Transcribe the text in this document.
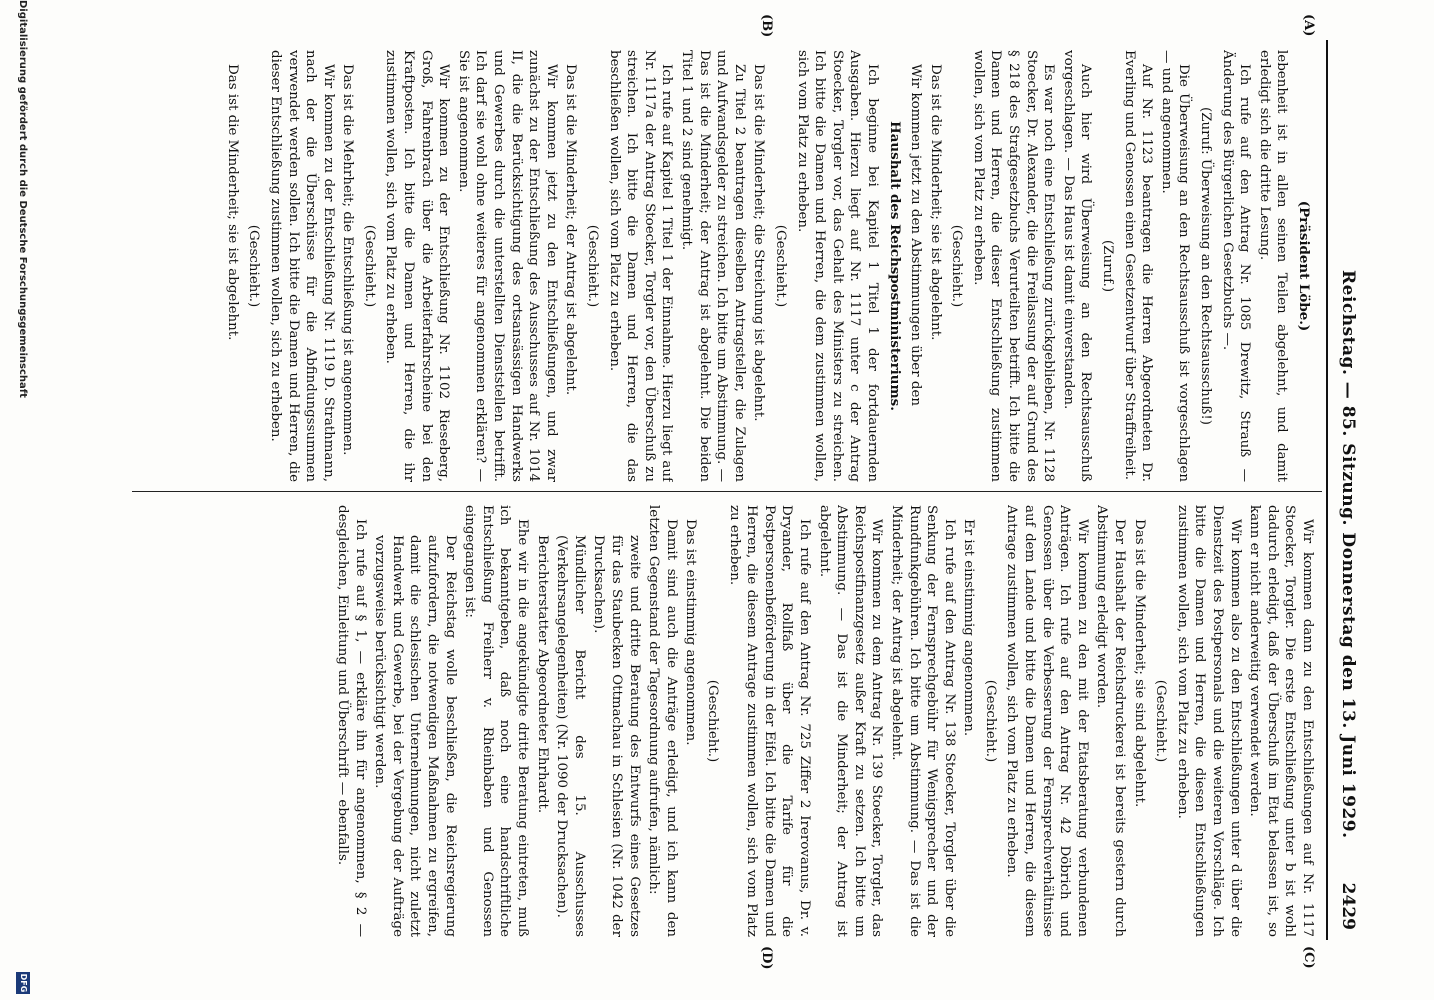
Reichstag. — 85. Sitzung. Donnerstag den 13. Juni 1929.
2429
(A)
(B)
(C)
(D)

(Präsident Löbe.)

lebenheit ist in allen seinen Teilen abgelehnt, und damit erledigt sich die dritte Lesung.

Ich rufe auf den Antrag Nr. 1085 Drewitz, Strauß — Änderung des Bürgerlichen Gesetzbuchs —.

(Zuruf: Überweisung an den Rechtsausschuß!)

Die Überweisung an den Rechtsausschuß ist vorgeschlagen — und angenommen.

Auf Nr. 1123 beantragen die Herren Abgeordneten Dr. Everling und Genossen einen Gesetzentwurf über Straffreiheit.

(Zuruf.)

Auch hier wird Überweisung an den Rechtsausschuß vorgeschlagen. — Das Haus ist damit einverstanden.

Es war noch eine Entschließung zurückgeblieben, Nr. 1128 Stoecker, Dr. Alexander, die die Freilassung der auf Grund des § 218 des Strafgesetzbuchs Verurteilten betrifft. Ich bitte die Damen und Herren, die dieser Entschließung zustimmen wollen, sich vom Platz zu erheben.

(Geschieht.)

Das ist die Minderheit; sie ist abgelehnt.

Wir kommen jetzt zu den Abstimmungen über den

Haushalt des Reichspostministeriums.

Ich beginne bei Kapitel 1 Titel 1 der fortdauernden Ausgaben. Hierzu liegt auf Nr. 1117 unter c der Antrag Stoecker, Torgler vor, das Gehalt des Ministers zu streichen. Ich bitte die Damen und Herren, die dem zustimmen wollen, sich vom Platz zu erheben.

(Geschieht.)

Das ist die Minderheit; die Streichung ist abgelehnt.

Zu Titel 2 beantragen dieselben Antragsteller, die Zulagen und Aufwandsgelder zu streichen. Ich bitte um Abstimmung. — Das ist die Minderheit; der Antrag ist abgelehnt. Die beiden Titel 1 und 2 sind genehmigt.

Ich rufe auf Kapitel 1 Titel 1 der Einnahme. Hierzu liegt auf Nr. 1117a der Antrag Stoecker, Torgler vor, den Überschuß zu streichen. Ich bitte die Damen und Herren, die das beschließen wollen, sich vom Platz zu erheben.

(Geschieht.)

Das ist die Minderheit; der Antrag ist abgelehnt.

Wir kommen jetzt zu den Entschließungen, und zwar zunächst zu der Entschließung des Ausschusses auf Nr. 1014 II, die die Berücksichtigung des ortsansässigen Handwerks und Gewerbes durch die unterstellten Dienststellen betrifft. Ich darf sie wohl ohne weiteres für angenommen erklären? — Sie ist angenommen.

Wir kommen zu der Entschließung Nr. 1102 Rieseberg, Groß, Fahrenbrach über die Arbeiterfahrscheine bei den Kraftposten. Ich bitte die Damen und Herren, die ihr zustimmen wollen, sich vom Platz zu erheben.

(Geschieht.)

Das ist die Mehrheit; die Entschließung ist angenommen.

Wir kommen zu der Entschließung Nr. 1119 D. Strathmann, nach der die Überschüsse für die Abfindungssummen verwendet werden sollen. Ich bitte die Damen und Herren, die dieser Entschließung zustimmen wollen, sich zu erheben.

(Geschieht.)

Das ist die Minderheit; sie ist abgelehnt.

Wir kommen dann zu den Entschließungen auf Nr. 1117 Stoecker, Torgler. Die erste Entschließung unter b ist wohl dadurch erledigt, daß der Überschuß im Etat belassen ist, so kann er nicht anderweitig verwendet werden.

Wir kommen also zu den Entschließungen unter d über die Dienstzeit des Postpersonals und die weiteren Vorschläge. Ich bitte die Damen und Herren, die diesen Entschließungen zustimmen wollen, sich vom Platz zu erheben.

(Geschieht.)

Das ist die Minderheit; sie sind abgelehnt.

Der Haushalt der Reichsdruckerei ist bereits gestern durch Abstimmung erledigt worden.

Wir kommen zu den mit der Etatsberatung verbundenen Anträgen. Ich rufe auf den Antrag Nr. 42 Döbrich und Genossen über die Verbesserung der Fernsprechverhältnisse auf dem Lande und bitte die Damen und Herren, die diesem Antrage zustimmen wollen, sich vom Platz zu erheben.

(Geschieht.)

Er ist einstimmig angenommen.

Ich rufe auf den Antrag Nr. 138 Stoecker, Torgler über die Senkung der Fernsprechgebühr für Wenigsprecher und der Rundfunkgebühren. Ich bitte um Abstimmung. — Das ist die Minderheit; der Antrag ist abgelehnt.

Wir kommen zu dem Antrag Nr. 139 Stoecker, Torgler, das Reichspostfinanzgesetz außer Kraft zu setzen. Ich bitte um Abstimmung. — Das ist die Minderheit; der Antrag ist abgelehnt.

Ich rufe auf den Antrag Nr. 725 Ziffer 2 Irerovanus, Dr. v. Dryander, Rollfaß über die Tarife für die Postpersonenbeförderung in der Eifel. Ich bitte die Damen und Herren, die diesem Antrage zustimmen wollen, sich vom Platz zu erheben.

(Geschieht.)

Das ist einstimmig angenommen.

Damit sind auch die Anträge erledigt, und ich kann den letzten Gegenstand der Tagesordnung aufrufen, nämlich:

zweite und dritte Beratung des Entwurfs eines Gesetzes für das Staubecken Ottmachau in Schlesien (Nr. 1042 der Drucksachen).

Mündlicher Bericht des 15. Ausschusses (Verkehrsangelegenheiten) (Nr. 1090 der Drucksachen).

Berichterstatter Abgeordneter Ehrhardt.

Ehe wir in die angekündigte dritte Beratung eintreten, muß ich bekanntgeben, daß noch eine handschriftliche Entschließung Freiherr v. Rheinbaben und Genossen eingegangen ist:

Der Reichstag wolle beschließen, die Reichsregierung aufzufordern, die notwendigen Maßnahmen zu ergreifen, damit die schlesischen Unternehmungen, nicht zuletzt Handwerk und Gewerbe, bei der Vergebung der Aufträge vorzugsweise berücksichtigt werden.

Ich rufe auf § 1, — erkläre ihn für angenommen, § 2 — desgleichen, Einleitung und Überschrift — ebenfalls.

Digitalisierung gefördert durch die Deutsche Forschungsgemeinschaft
DFG
